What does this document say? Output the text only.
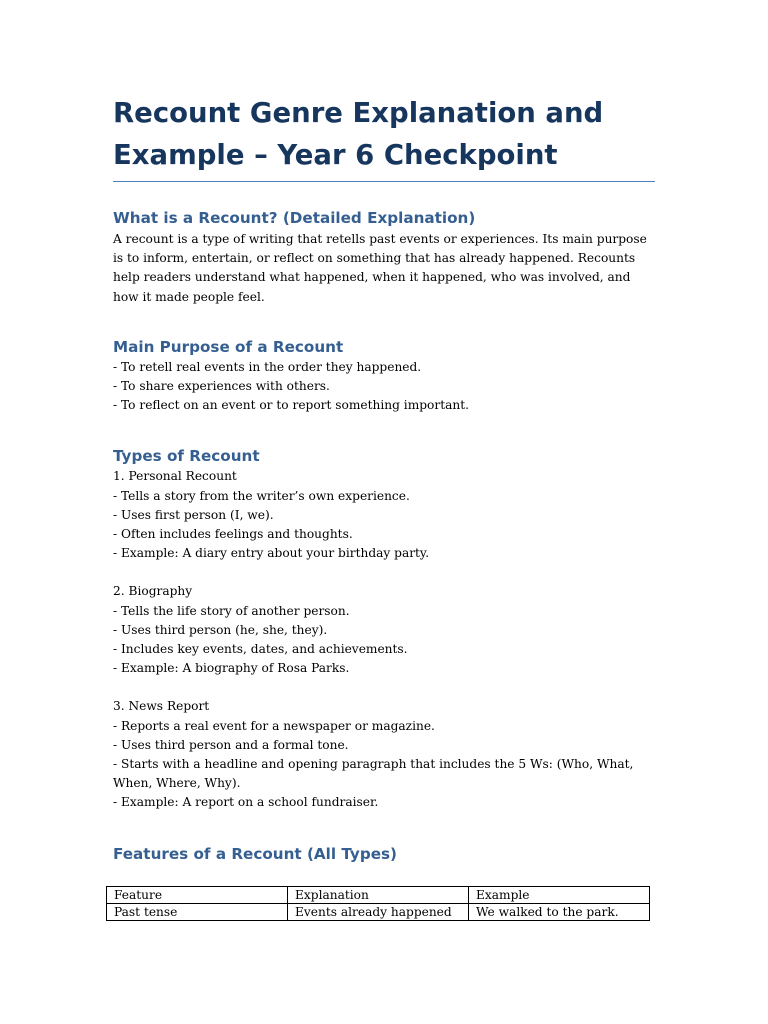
Recount Genre Explanation and Example – Year 6 Checkpoint
What is a Recount? (Detailed Explanation)

A recount is a type of writing that retells past events or experiences. Its main purpose is to inform, entertain, or reflect on something that has already happened. Recounts help readers understand what happened, when it happened, who was involved, and how it made people feel.

Main Purpose of a Recount

- To retell real events in the order they happened.

- To share experiences with others.

- To reflect on an event or to report something important.

Types of Recount

1. Personal Recount

- Tells a story from the writer’s own experience.

- Uses first person (I, we).

- Often includes feelings and thoughts.

- Example: A diary entry about your birthday party.

2. Biography

- Tells the life story of another person.

- Uses third person (he, she, they).

- Includes key events, dates, and achievements.

- Example: A biography of Rosa Parks.

3. News Report

- Reports a real event for a newspaper or magazine.

- Uses third person and a formal tone.

- Starts with a headline and opening paragraph that includes the 5 Ws: (Who, What, When, Where, Why).

- Example: A report on a school fundraiser.

Features of a Recount (All Types)
Feature	Explanation	Example
Past tense	Events already happened	We walked to the park.
